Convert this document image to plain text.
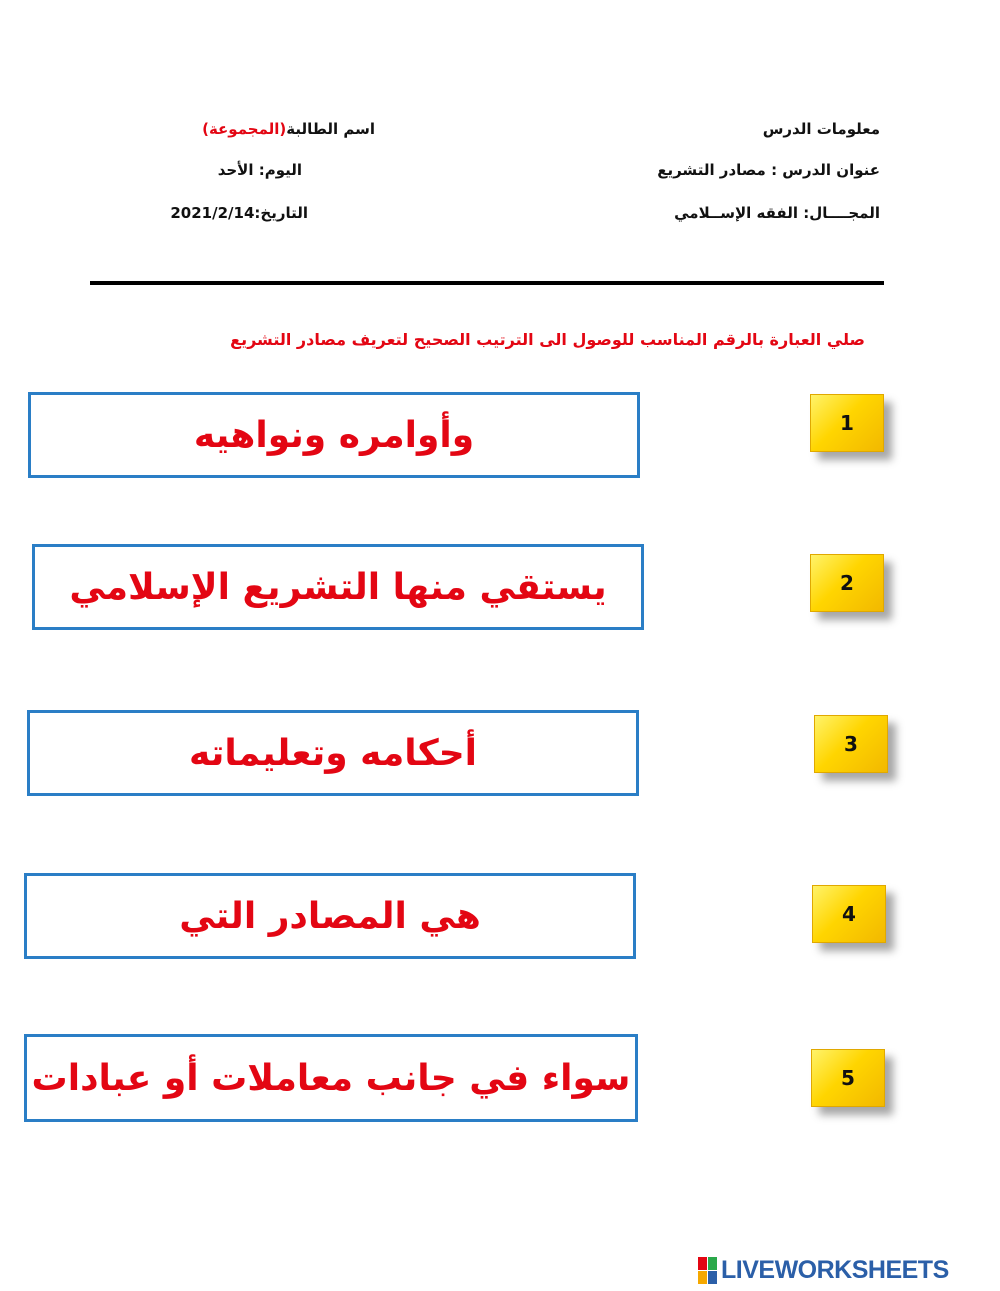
معلومات الدرس
عنوان الدرس : مصادر التشريع
المجــــال: الفقه الإســلامي
اسم الطالبة(المجموعة)
اليوم: الأحد
التاريخ:2021/2/14
صلي العبارة بالرقم المناسب للوصول الى الترتيب الصحيح لتعريف مصادر التشريع
وأوامره ونواهيه
يستقي منها التشريع الإسلامي
أحكامه وتعليماته
هي المصادر التي
سواء في جانب معاملات أو عبادات
1
2
3
4
5
LIVEWORKSHEETS
